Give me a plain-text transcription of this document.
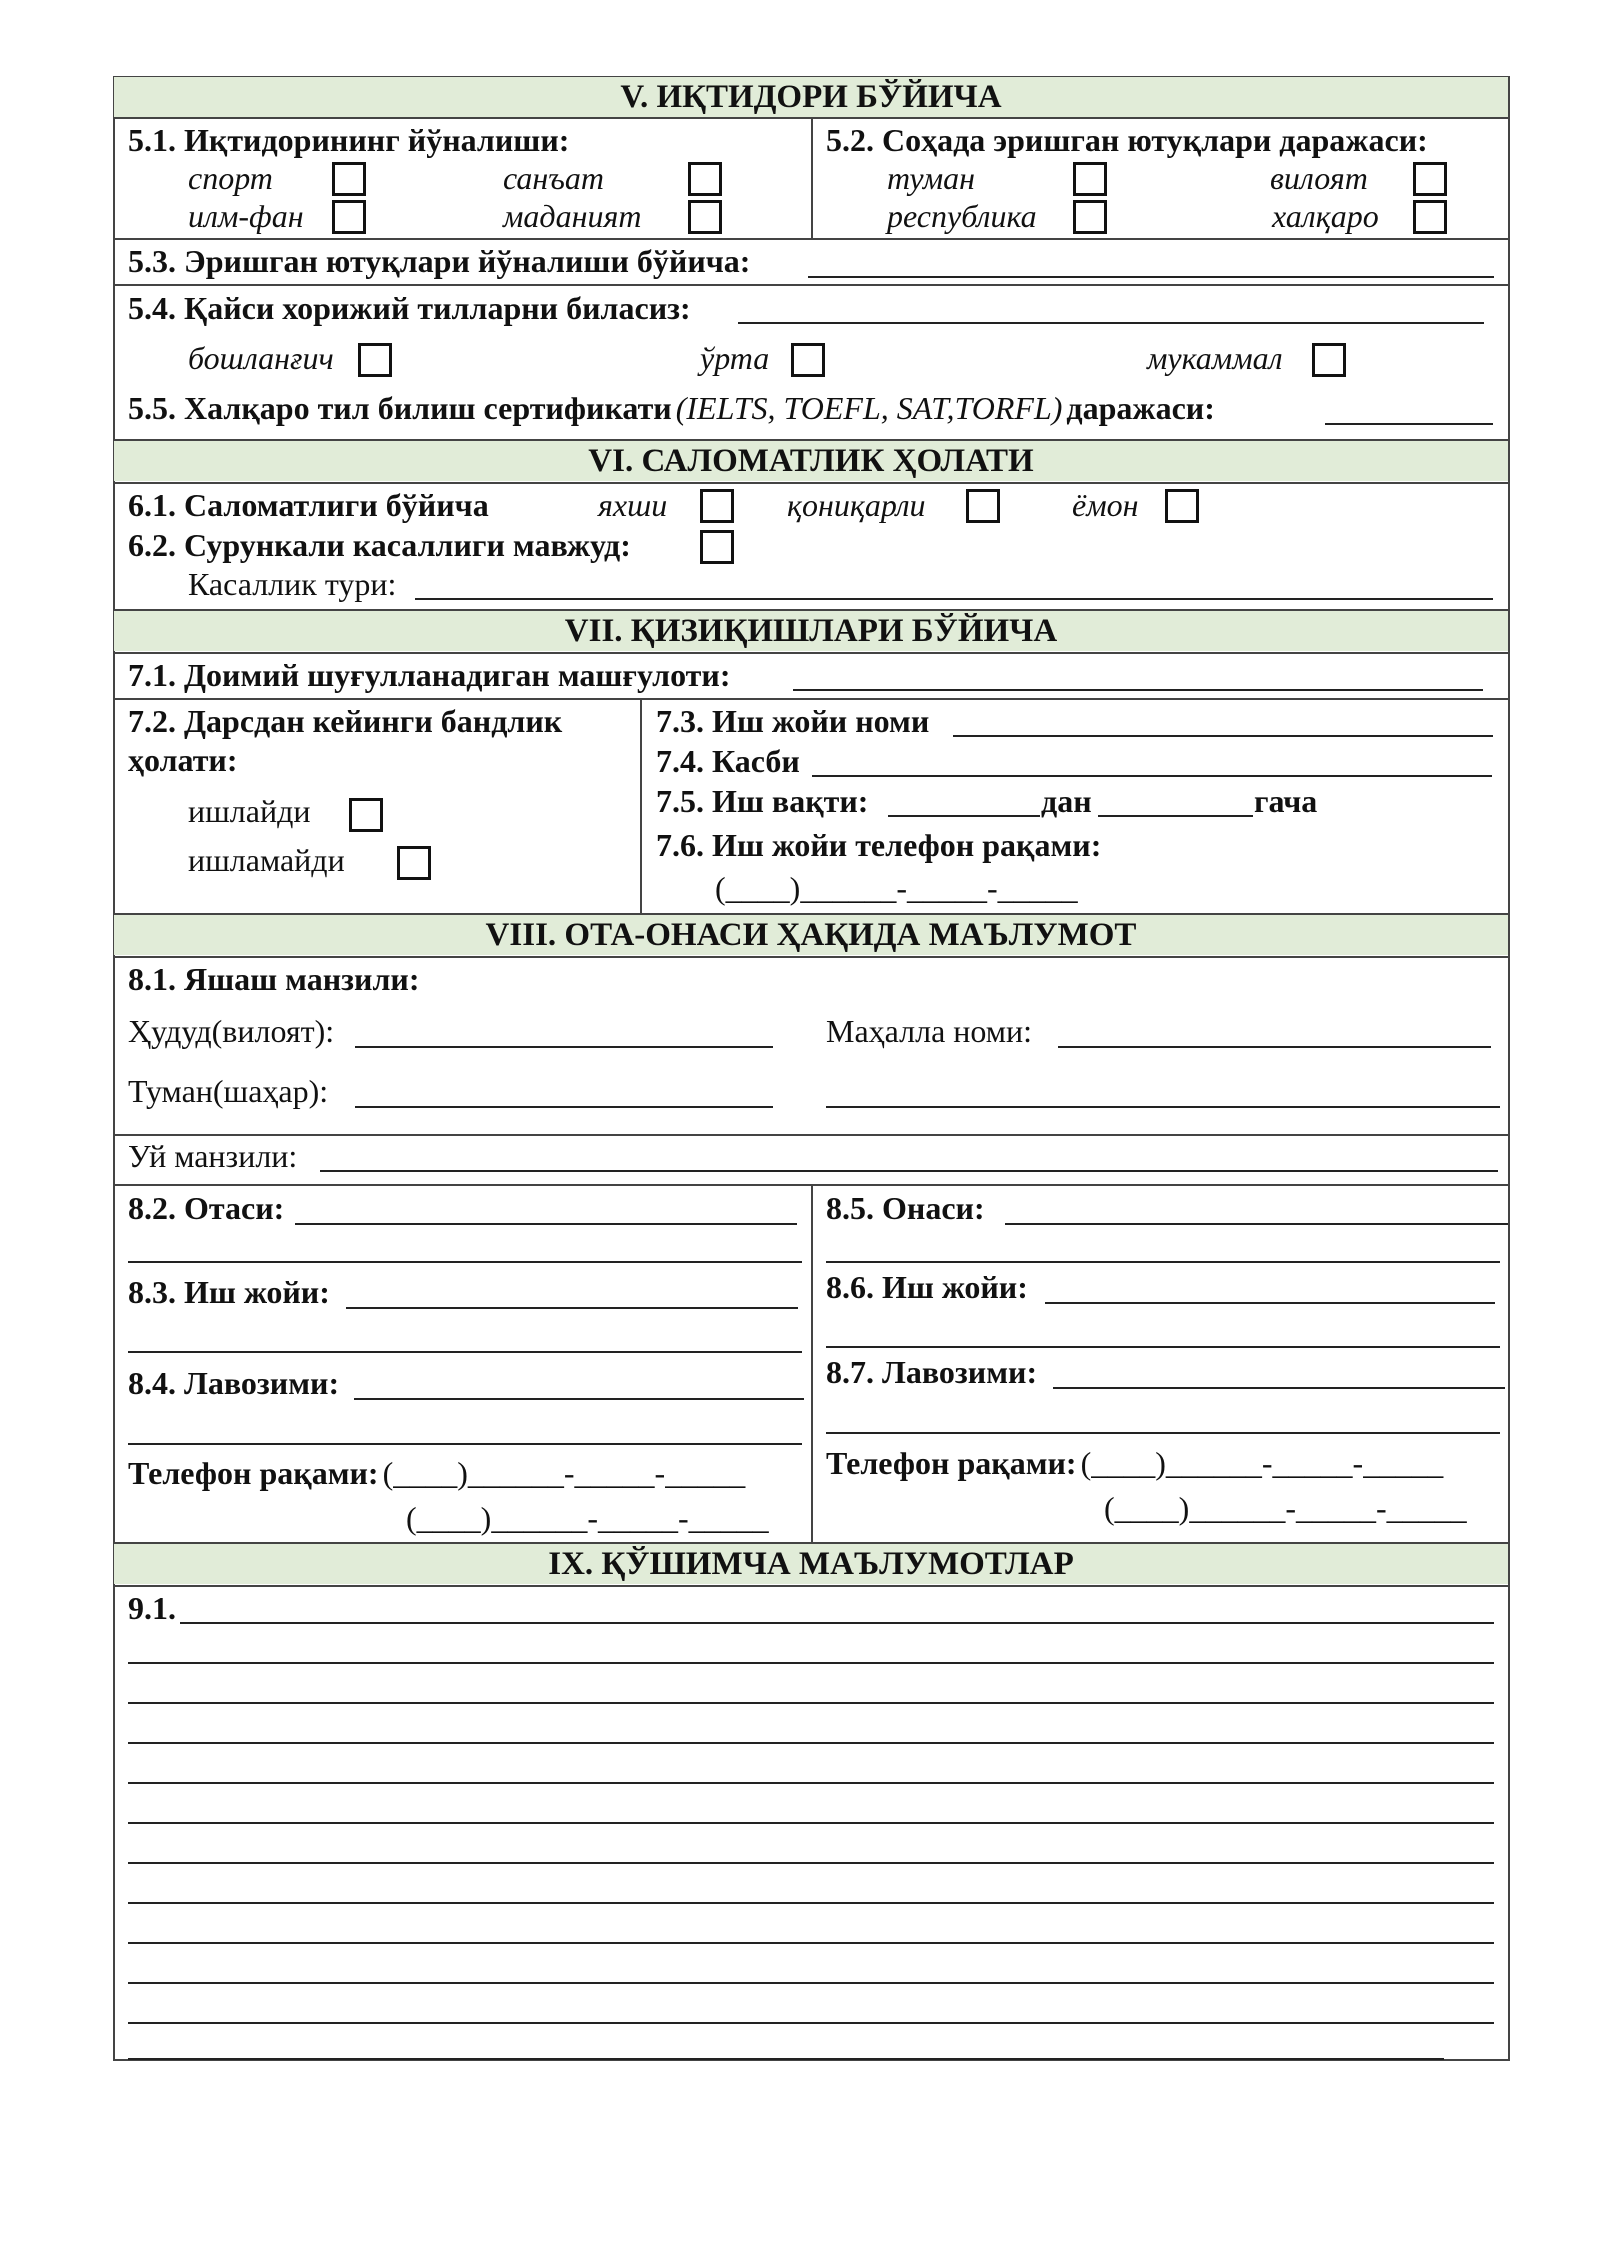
V. ИҚТИДОРИ БЎЙИЧА
5.1. Иқтидорининг йўналиши:
спорт	санъат
илм-фан	маданият
5.2. Соҳада эришган ютуқлари даражаси:
туман	вилоят
республика	халқаро
5.3. Эришган ютуқлари йўналиши бўйича:
5.4. Қайси хорижий тилларни биласиз:
бошланғич	ўрта	мукаммал
5.5. Халқаро тил билиш сертификати (IELTS, TOEFL, SAT,TORFL) даражаси:
VI. САЛОМАТЛИК ҲОЛАТИ
6.1. Саломатлиги бўйича	яхши	қониқарли	ёмон
6.2. Сурункали касаллиги мавжуд:
Касаллик тури:
VII. ҚИЗИҚИШЛАРИ БЎЙИЧА
7.1. Доимий шуғулланадиган машғулоти:
7.2. Дарсдан кейинги бандлик
ҳолати:
ишлайди
ишламайди
7.3. Иш жойи номи
7.4. Касби
7.5. Иш вақти:	дан	гача
7.6. Иш жойи телефон рақами:
(____)______-_____-_____
VIII. ОТА-ОНАСИ ҲАҚИДА МАЪЛУМОТ
8.1. Яшаш манзили:
Ҳудуд(вилоят):	Маҳалла номи:
Туман(шаҳар):
Уй манзили:
8.2. Отаси:
8.3. Иш жойи:
8.4. Лавозими:
Телефон рақами: (____)______-_____-_____
(____)______-_____-_____
8.5. Онаси:
8.6. Иш жойи:
8.7. Лавозими:
Телефон рақами: (____)______-_____-_____
(____)______-_____-_____
IX. ҚЎШИМЧА МАЪЛУМОТЛАР
9.1.
